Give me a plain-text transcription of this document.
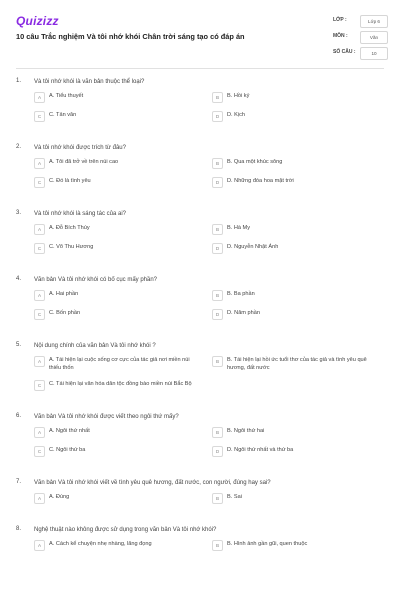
Quizizz
10 câu Trắc nghiệm Và tôi nhớ khói Chân trời sáng tạo có đáp án
LỚP :	Lớp 6
MÔN :	Văn
SỐ CÂU :	10
1. Và tôi nhớ khói là văn bản thuộc thể loại?
A	A. Tiểu thuyết	B	B. Hồi ký
C	C. Tản văn	D	D. Kịch
2. Và tôi nhớ khói được trích từ đâu?
A	A. Tôi đã trở về trên núi cao	B	B. Qua một khúc sông
C	C. Đó là tình yêu	D	D. Những đóa hoa mặt trời
3. Và tôi nhớ khói là sáng tác của ai?
A	A. Đỗ Bích Thúy	B	B. Hà My
C	C. Võ Thu Hương	D	D. Nguyễn Nhật Ánh
4. Văn bản Và tôi nhớ khói có bố cục mấy phần?
A	A. Hai phần	B	B. Ba phần
C	C. Bốn phần	D	D. Năm phần
5. Nội dung chính của văn bản Và tôi nhớ khói ?
A	A. Tái hiện lại cuộc sống cơ cực của tác giả nơi miền núi thiếu thốn
B	B. Tái hiện lại hồi ức tuổi thơ của tác giả và tình yêu quê hương, đất nước
C	C. Tái hiện lại văn hóa dân tộc đồng bào miền núi Bắc Bộ
6. Văn bản Và tôi nhớ khói được viết theo ngôi thứ mấy?
A	A. Ngôi thứ nhất	B	B. Ngôi thứ hai
C	C. Ngôi thứ ba	D	D. Ngôi thứ nhất và thứ ba
7. Văn bản Và tôi nhớ khói viết về tình yêu quê hương, đất nước, con người, đúng hay sai?
A	A. Đúng	B	B. Sai
8. Nghệ thuật nào không được sử dụng trong văn bản Và tôi nhớ khói?
A	A. Cách kể chuyện nhẹ nhàng, lãng đọng	B	B. Hình ảnh gần gũi, quen thuộc
